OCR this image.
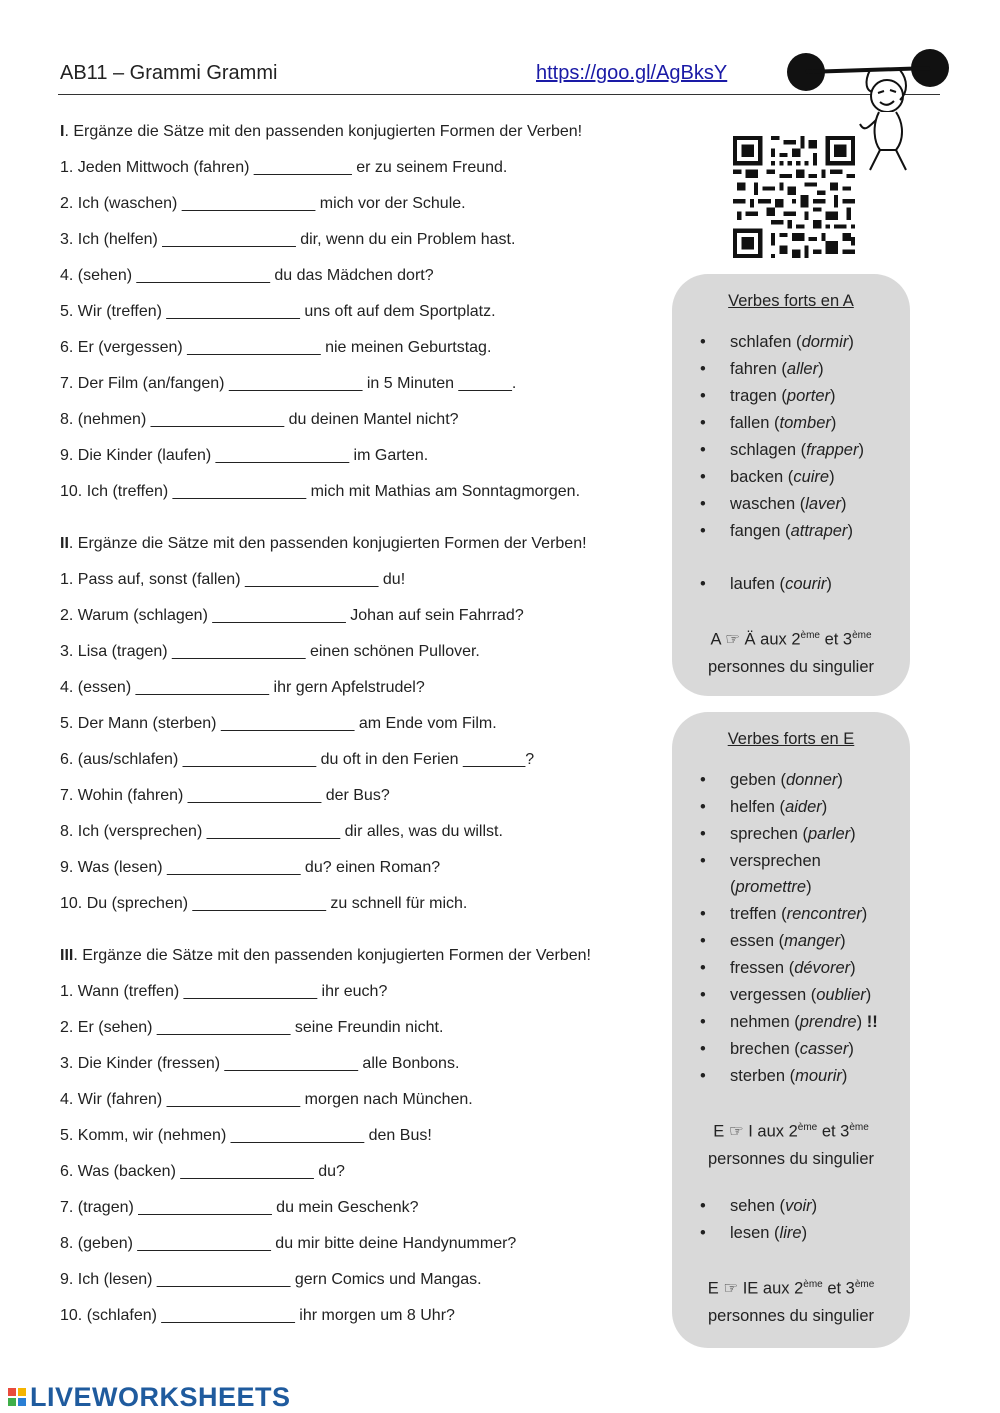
AB11 – Grammi Grammi	https://goo.gl/AgBksY
I. Ergänze die Sätze mit den passenden konjugierten Formen der Verben!
1. Jeden Mittwoch (fahren) ___________ er zu seinem Freund.
2. Ich (waschen) _______________ mich vor der Schule.
3. Ich (helfen) _______________ dir, wenn du ein Problem hast.
4. (sehen) _______________ du das Mädchen dort?
5. Wir (treffen) _______________ uns oft auf dem Sportplatz.
6. Er (vergessen) _______________ nie meinen Geburtstag.
7. Der Film (an/fangen) _______________ in 5 Minuten ______.
8. (nehmen) _______________ du deinen Mantel nicht?
9. Die Kinder (laufen) _______________ im Garten.
10. Ich (treffen) _______________ mich mit Mathias am Sonntagmorgen.
II. Ergänze die Sätze mit den passenden konjugierten Formen der Verben!
1. Pass auf, sonst (fallen) _______________ du!
2. Warum (schlagen) _______________ Johan auf sein Fahrrad?
3. Lisa (tragen) _______________ einen schönen Pullover.
4. (essen) _______________ ihr gern Apfelstrudel?
5. Der Mann (sterben) _______________ am Ende vom Film.
6. (aus/schlafen) _______________ du oft in den Ferien _______?
7. Wohin (fahren) _______________ der Bus?
8. Ich (versprechen) _______________ dir alles, was du willst.
9. Was (lesen) _______________ du? einen Roman?
10. Du (sprechen) _______________ zu schnell für mich.
III. Ergänze die Sätze mit den passenden konjugierten Formen der Verben!
1. Wann (treffen) _______________ ihr euch?
2. Er (sehen) _______________ seine Freundin nicht.
3. Die Kinder (fressen) _______________ alle Bonbons.
4. Wir (fahren) _______________ morgen nach München.
5. Komm, wir (nehmen) _______________ den Bus!
6. Was (backen) _______________ du?
7. (tragen) _______________ du mein Geschenk?
8. (geben) _______________ du mir bitte deine Handynummer?
9. Ich (lesen) _______________ gern Comics und Mangas.
10. (schlafen) _______________ ihr morgen um 8 Uhr?
Verbes forts en A
• schlafen (dormir)
• fahren (aller)
• tragen (porter)
• fallen (tomber)
• schlagen (frapper)
• backen (cuire)
• waschen (laver)
• fangen (attraper)
• laufen (courir)
A ☞ Ä aux 2ème et 3ème
personnes du singulier
Verbes forts en E
• geben (donner)
• helfen (aider)
• sprechen (parler)
• versprechen
(promettre)
• treffen (rencontrer)
• essen (manger)
• fressen (dévorer)
• vergessen (oublier)
• nehmen (prendre) !!
• brechen (casser)
• sterben (mourir)
E ☞ I aux 2ème et 3ème
personnes du singulier
• sehen (voir)
• lesen (lire)
E ☞ IE aux 2ème et 3ème
personnes du singulier
LIVEWORKSHEETS
